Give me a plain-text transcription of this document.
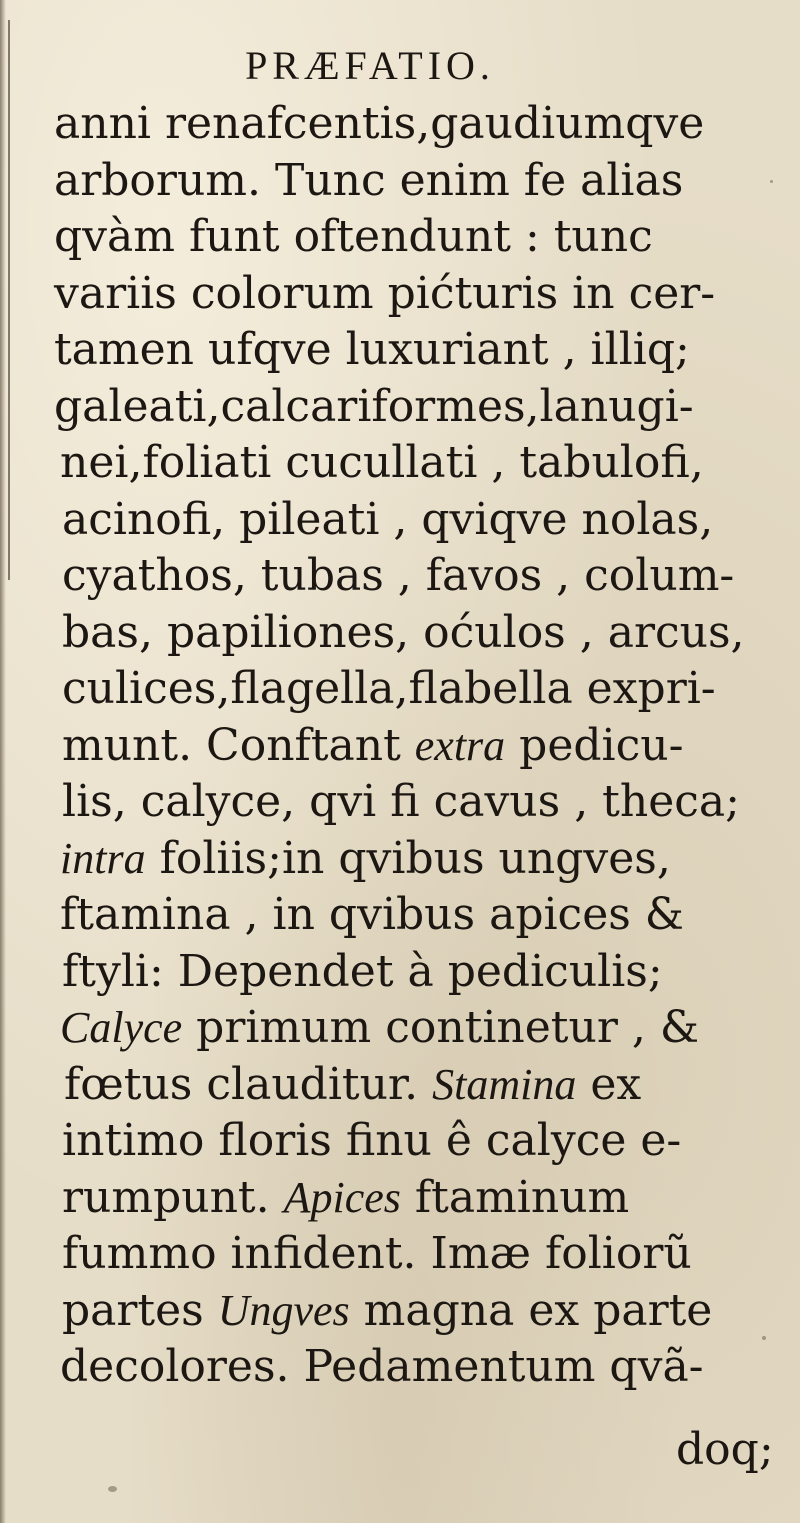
PRÆFATIO.
anni renafcentis,gaudiumqve
arborum. Tunc enim fe alias
qvàm funt oftendunt : tunc
variis colorum pićturis in cer-
tamen ufqve luxuriant , illiq;
galeati,calcariformes,lanugi-
nei,foliati cucullati , tabulofi,
acinofi, pileati , qviqve nolas,
cyathos, tubas , favos , colum-
bas, papiliones, oćulos , arcus,
culices,flagella,flabella expri-
munt. Conftant extra pedicu-
lis, calyce, qvi fi cavus , theca;
intra foliis;in qvibus ungves,
ftamina , in qvibus apices &
ftyli: Dependet à pediculis;
Calyce primum continetur , &
fœtus clauditur. Stamina ex
intimo floris finu ê calyce e-
rumpunt. Apices ftaminum
fummo infident. Imæ foliorũ
partes Ungves magna ex parte
decolores. Pedamentum qvã-
doq;
